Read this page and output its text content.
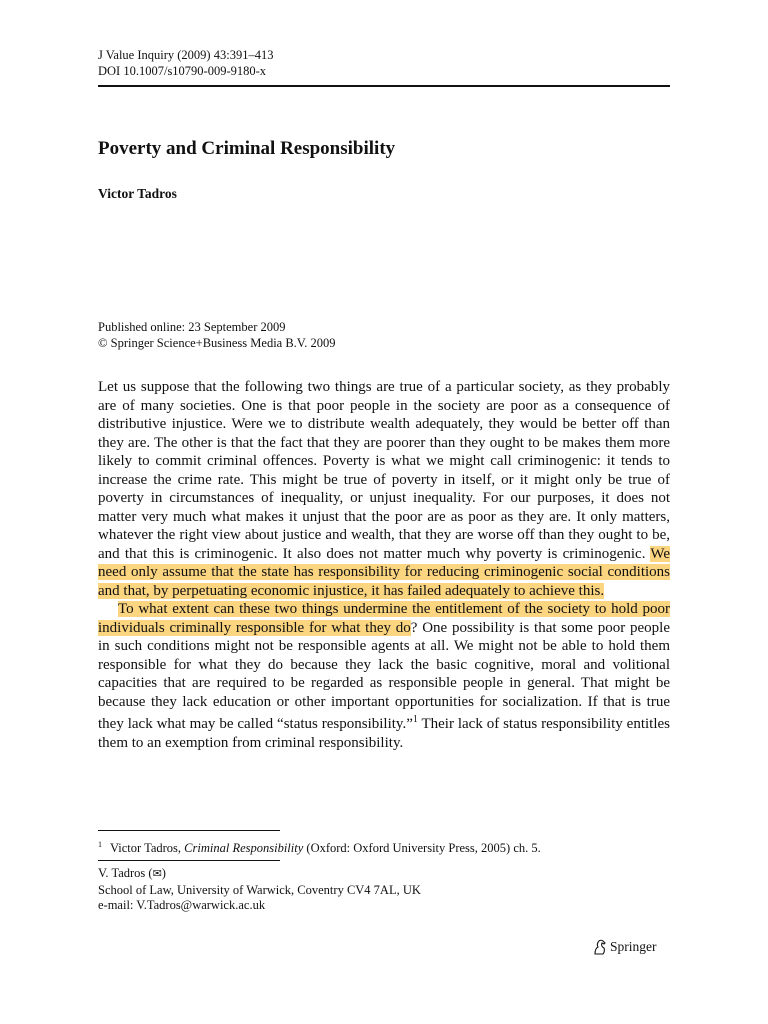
J Value Inquiry (2009) 43:391–413
DOI 10.1007/s10790-009-9180-x
Poverty and Criminal Responsibility
Victor Tadros
Published online: 23 September 2009
© Springer Science+Business Media B.V. 2009

Let us suppose that the following two things are true of a particular society, as they probably are of many societies. One is that poor people in the society are poor as a consequence of distributive injustice. Were we to distribute wealth adequately, they would be better off than they are. The other is that the fact that they are poorer than they ought to be makes them more likely to commit criminal offences. Poverty is what we might call criminogenic: it tends to increase the crime rate. This might be true of poverty in itself, or it might only be true of poverty in circumstances of inequality, or unjust inequality. For our purposes, it does not matter very much what makes it unjust that the poor are as poor as they are. It only matters, whatever the right view about justice and wealth, that they are worse off than they ought to be, and that this is criminogenic. It also does not matter much why poverty is criminogenic. We need only assume that the state has responsibility for reducing criminogenic social conditions and that, by perpetuating economic injustice, it has failed adequately to achieve this.

To what extent can these two things undermine the entitlement of the society to hold poor individuals criminally responsible for what they do? One possibility is that some poor people in such conditions might not be responsible agents at all. We might not be able to hold them responsible for what they do because they lack the basic cognitive, moral and volitional capacities that are required to be regarded as responsible people in general. That might be because they lack education or other important opportunities for socialization. If that is true they lack what may be called “status responsibility.”$^1$ Their lack of status responsibility entitles them to an exemption from criminal responsibility.

$^1$ Victor Tadros, Criminal Responsibility (Oxford: Oxford University Press, 2005) ch. 5.
V. Tadros (✉)
School of Law, University of Warwick, Coventry CV4 7AL, UK
e-mail: V.Tadros@warwick.ac.uk
Springer
